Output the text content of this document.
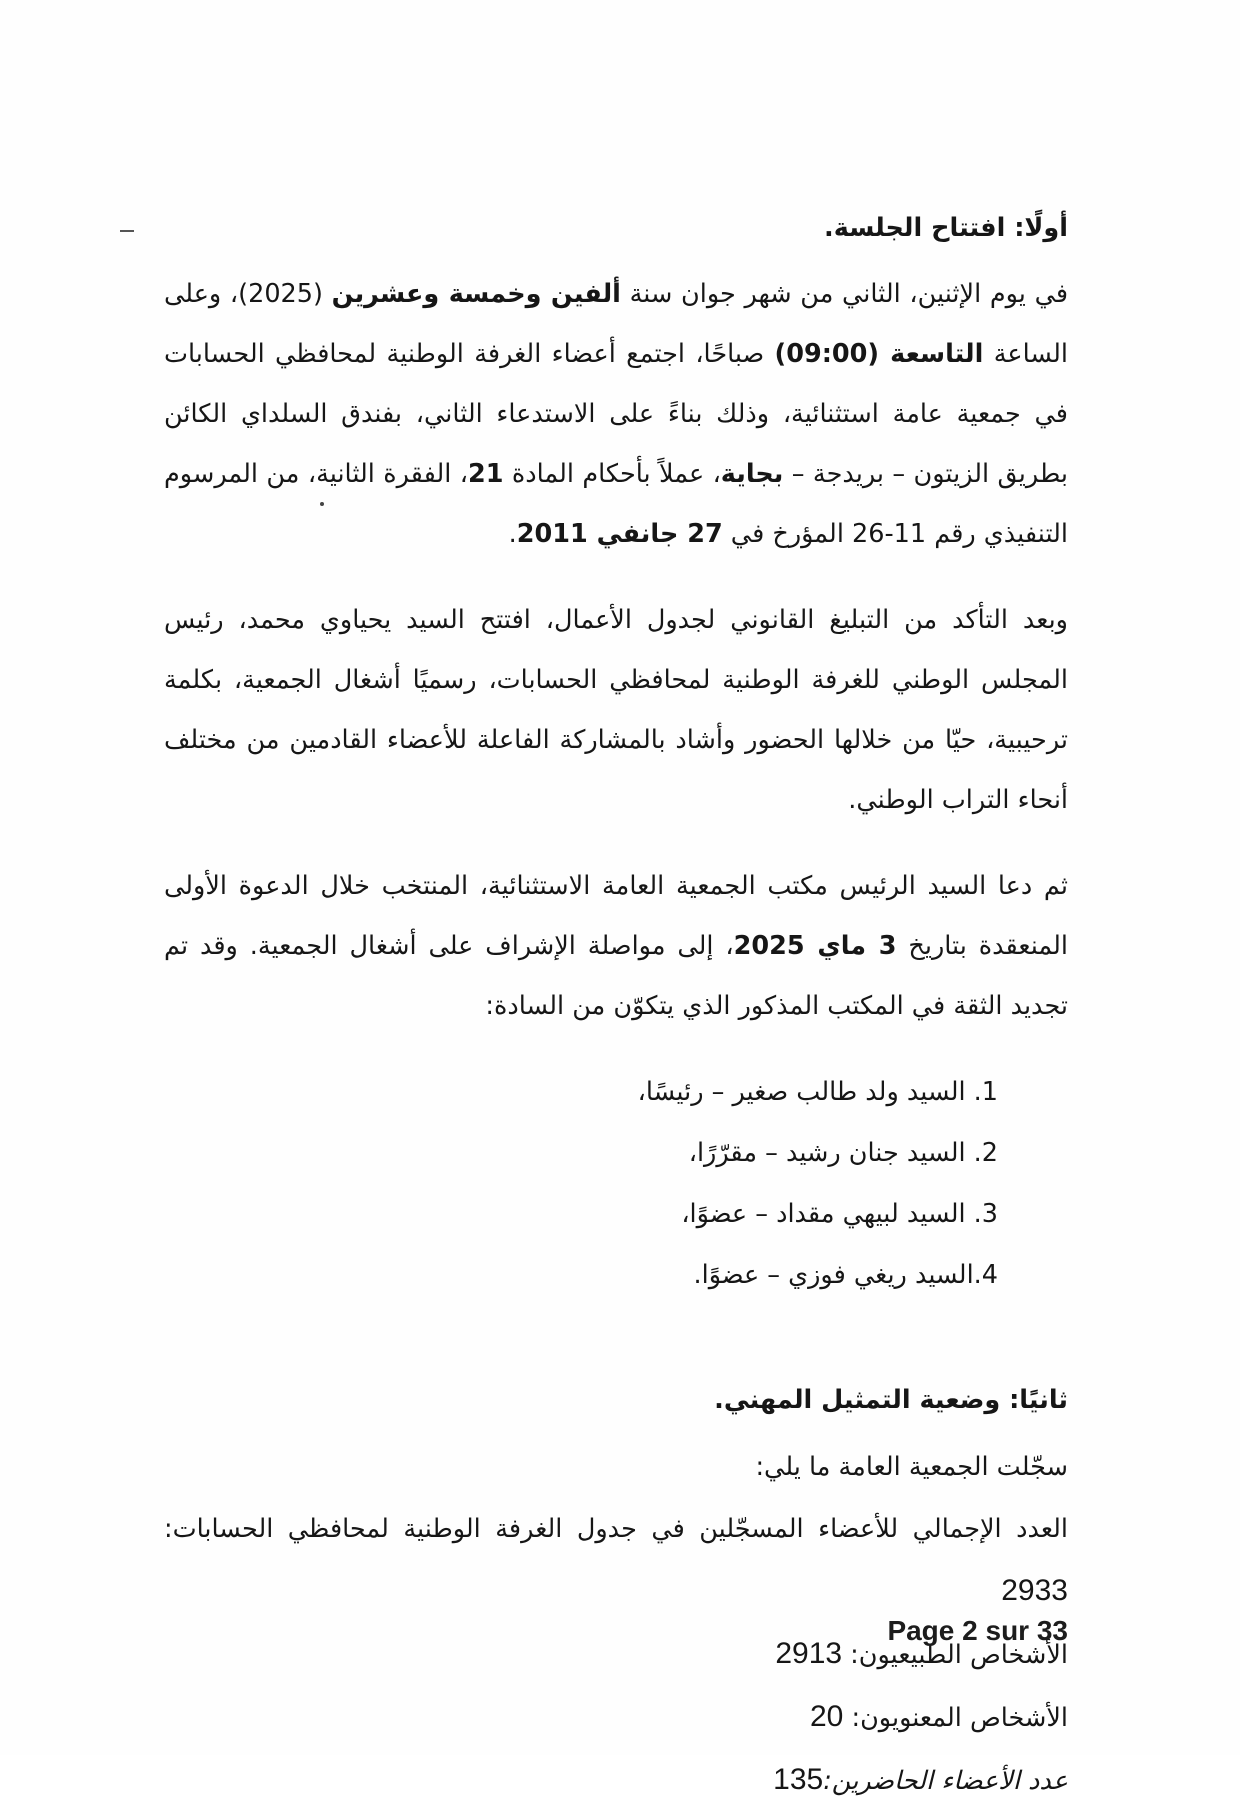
أولًا: افتتاح الجلسة.

في يوم الإثنين، الثاني من شهر جوان سنة ألفين وخمسة وعشرين (2025)، وعلى الساعة التاسعة (09:00) صباحًا، اجتمع أعضاء الغرفة الوطنية لمحافظي الحسابات في جمعية عامة استثنائية، وذلك بناءً على الاستدعاء الثاني، بفندق السلداي الكائن بطريق الزيتون – بريدجة – بجاية، عملاً بأحكام المادة 21، الفقرة الثانية، من المرسوم التنفيذي رقم 11-26 المؤرخ في 27 جانفي 2011.

وبعد التأكد من التبليغ القانوني لجدول الأعمال، افتتح السيد يحياوي محمد، رئيس المجلس الوطني للغرفة الوطنية لمحافظي الحسابات، رسميًا أشغال الجمعية، بكلمة ترحيبية، حيّا من خلالها الحضور وأشاد بالمشاركة الفاعلة للأعضاء القادمين من مختلف أنحاء التراب الوطني.

ثم دعا السيد الرئيس مكتب الجمعية العامة الاستثنائية، المنتخب خلال الدعوة الأولى المنعقدة بتاريخ 3 ماي 2025، إلى مواصلة الإشراف على أشغال الجمعية. وقد تم تجديد الثقة في المكتب المذكور الذي يتكوّن من السادة:

1. السيد ولد طالب صغير – رئيسًا،
2. السيد جنان رشيد – مقرّرًا،
3. السيد لبيهي مقداد – عضوًا،
4.السيد ريغي فوزي – عضوًا.
ثانيًا: وضعية التمثيل المهني.
سجّلت الجمعية العامة ما يلي:
العدد الإجمالي للأعضاء المسجّلين في جدول الغرفة الوطنية لمحافظي الحسابات: 2933
الأشخاص الطبيعيون: 2913
الأشخاص المعنويون: 20
عدد الأعضاء الحاضرين:135
Page 2 sur 33
